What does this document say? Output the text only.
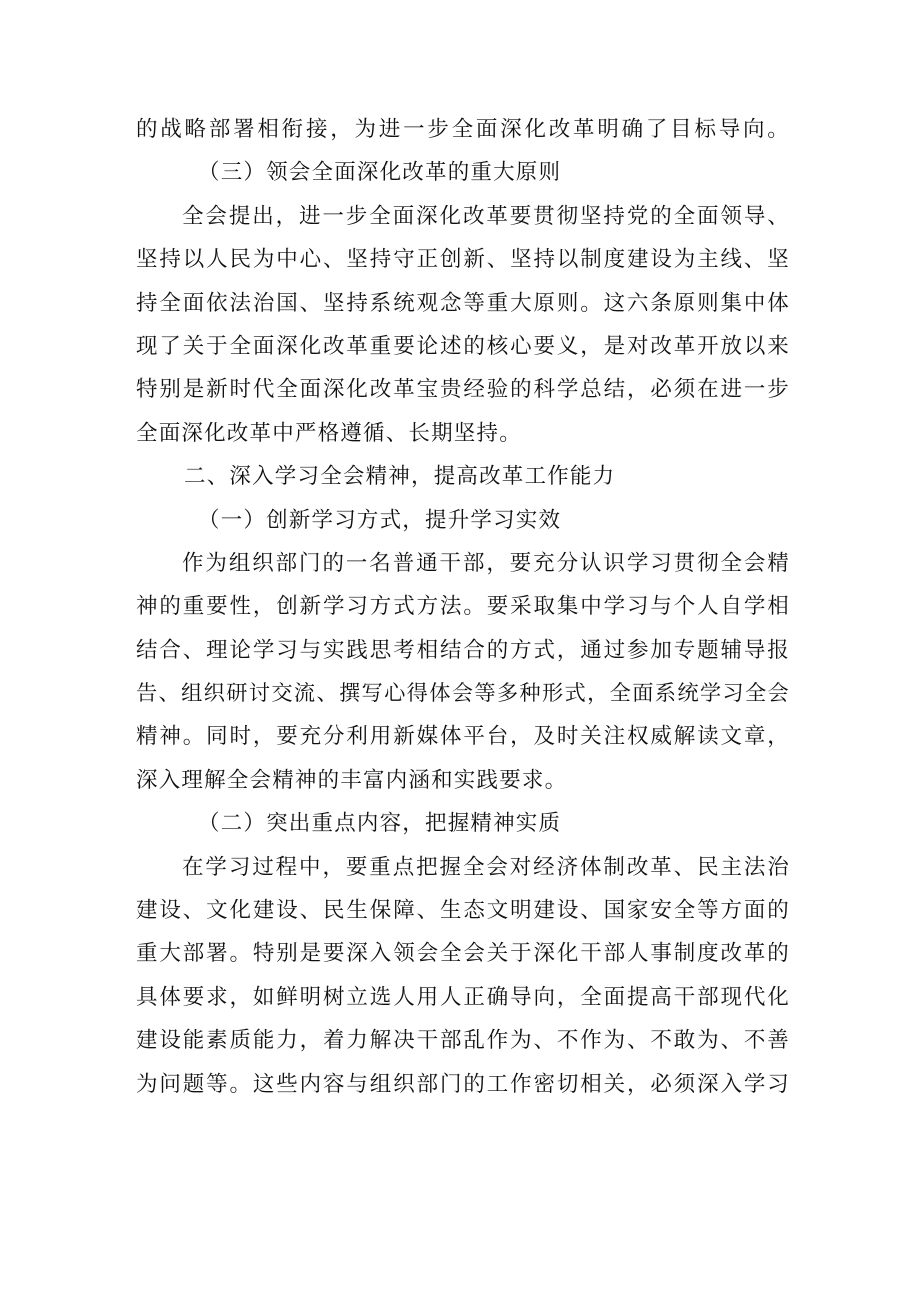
的战略部署相衔接，为进一步全面深化改革明确了目标导向。
（三）领会全面深化改革的重大原则
全会提出，进一步全面深化改革要贯彻坚持党的全面领导、
坚持以人民为中心、坚持守正创新、坚持以制度建设为主线、坚
持全面依法治国、坚持系统观念等重大原则。这六条原则集中体
现了关于全面深化改革重要论述的核心要义，是对改革开放以来
特别是新时代全面深化改革宝贵经验的科学总结，必须在进一步
全面深化改革中严格遵循、长期坚持。
二、深入学习全会精神，提高改革工作能力
（一）创新学习方式，提升学习实效
作为组织部门的一名普通干部，要充分认识学习贯彻全会精
神的重要性，创新学习方式方法。要采取集中学习与个人自学相
结合、理论学习与实践思考相结合的方式，通过参加专题辅导报
告、组织研讨交流、撰写心得体会等多种形式，全面系统学习全会
精神。同时，要充分利用新媒体平台，及时关注权威解读文章，
深入理解全会精神的丰富内涵和实践要求。
（二）突出重点内容，把握精神实质
在学习过程中，要重点把握全会对经济体制改革、民主法治
建设、文化建设、民生保障、生态文明建设、国家安全等方面的
重大部署。特别是要深入领会全会关于深化干部人事制度改革的
具体要求，如鲜明树立选人用人正确导向，全面提高干部现代化
建设能素质能力，着力解决干部乱作为、不作为、不敢为、不善
为问题等。这些内容与组织部门的工作密切相关，必须深入学习
